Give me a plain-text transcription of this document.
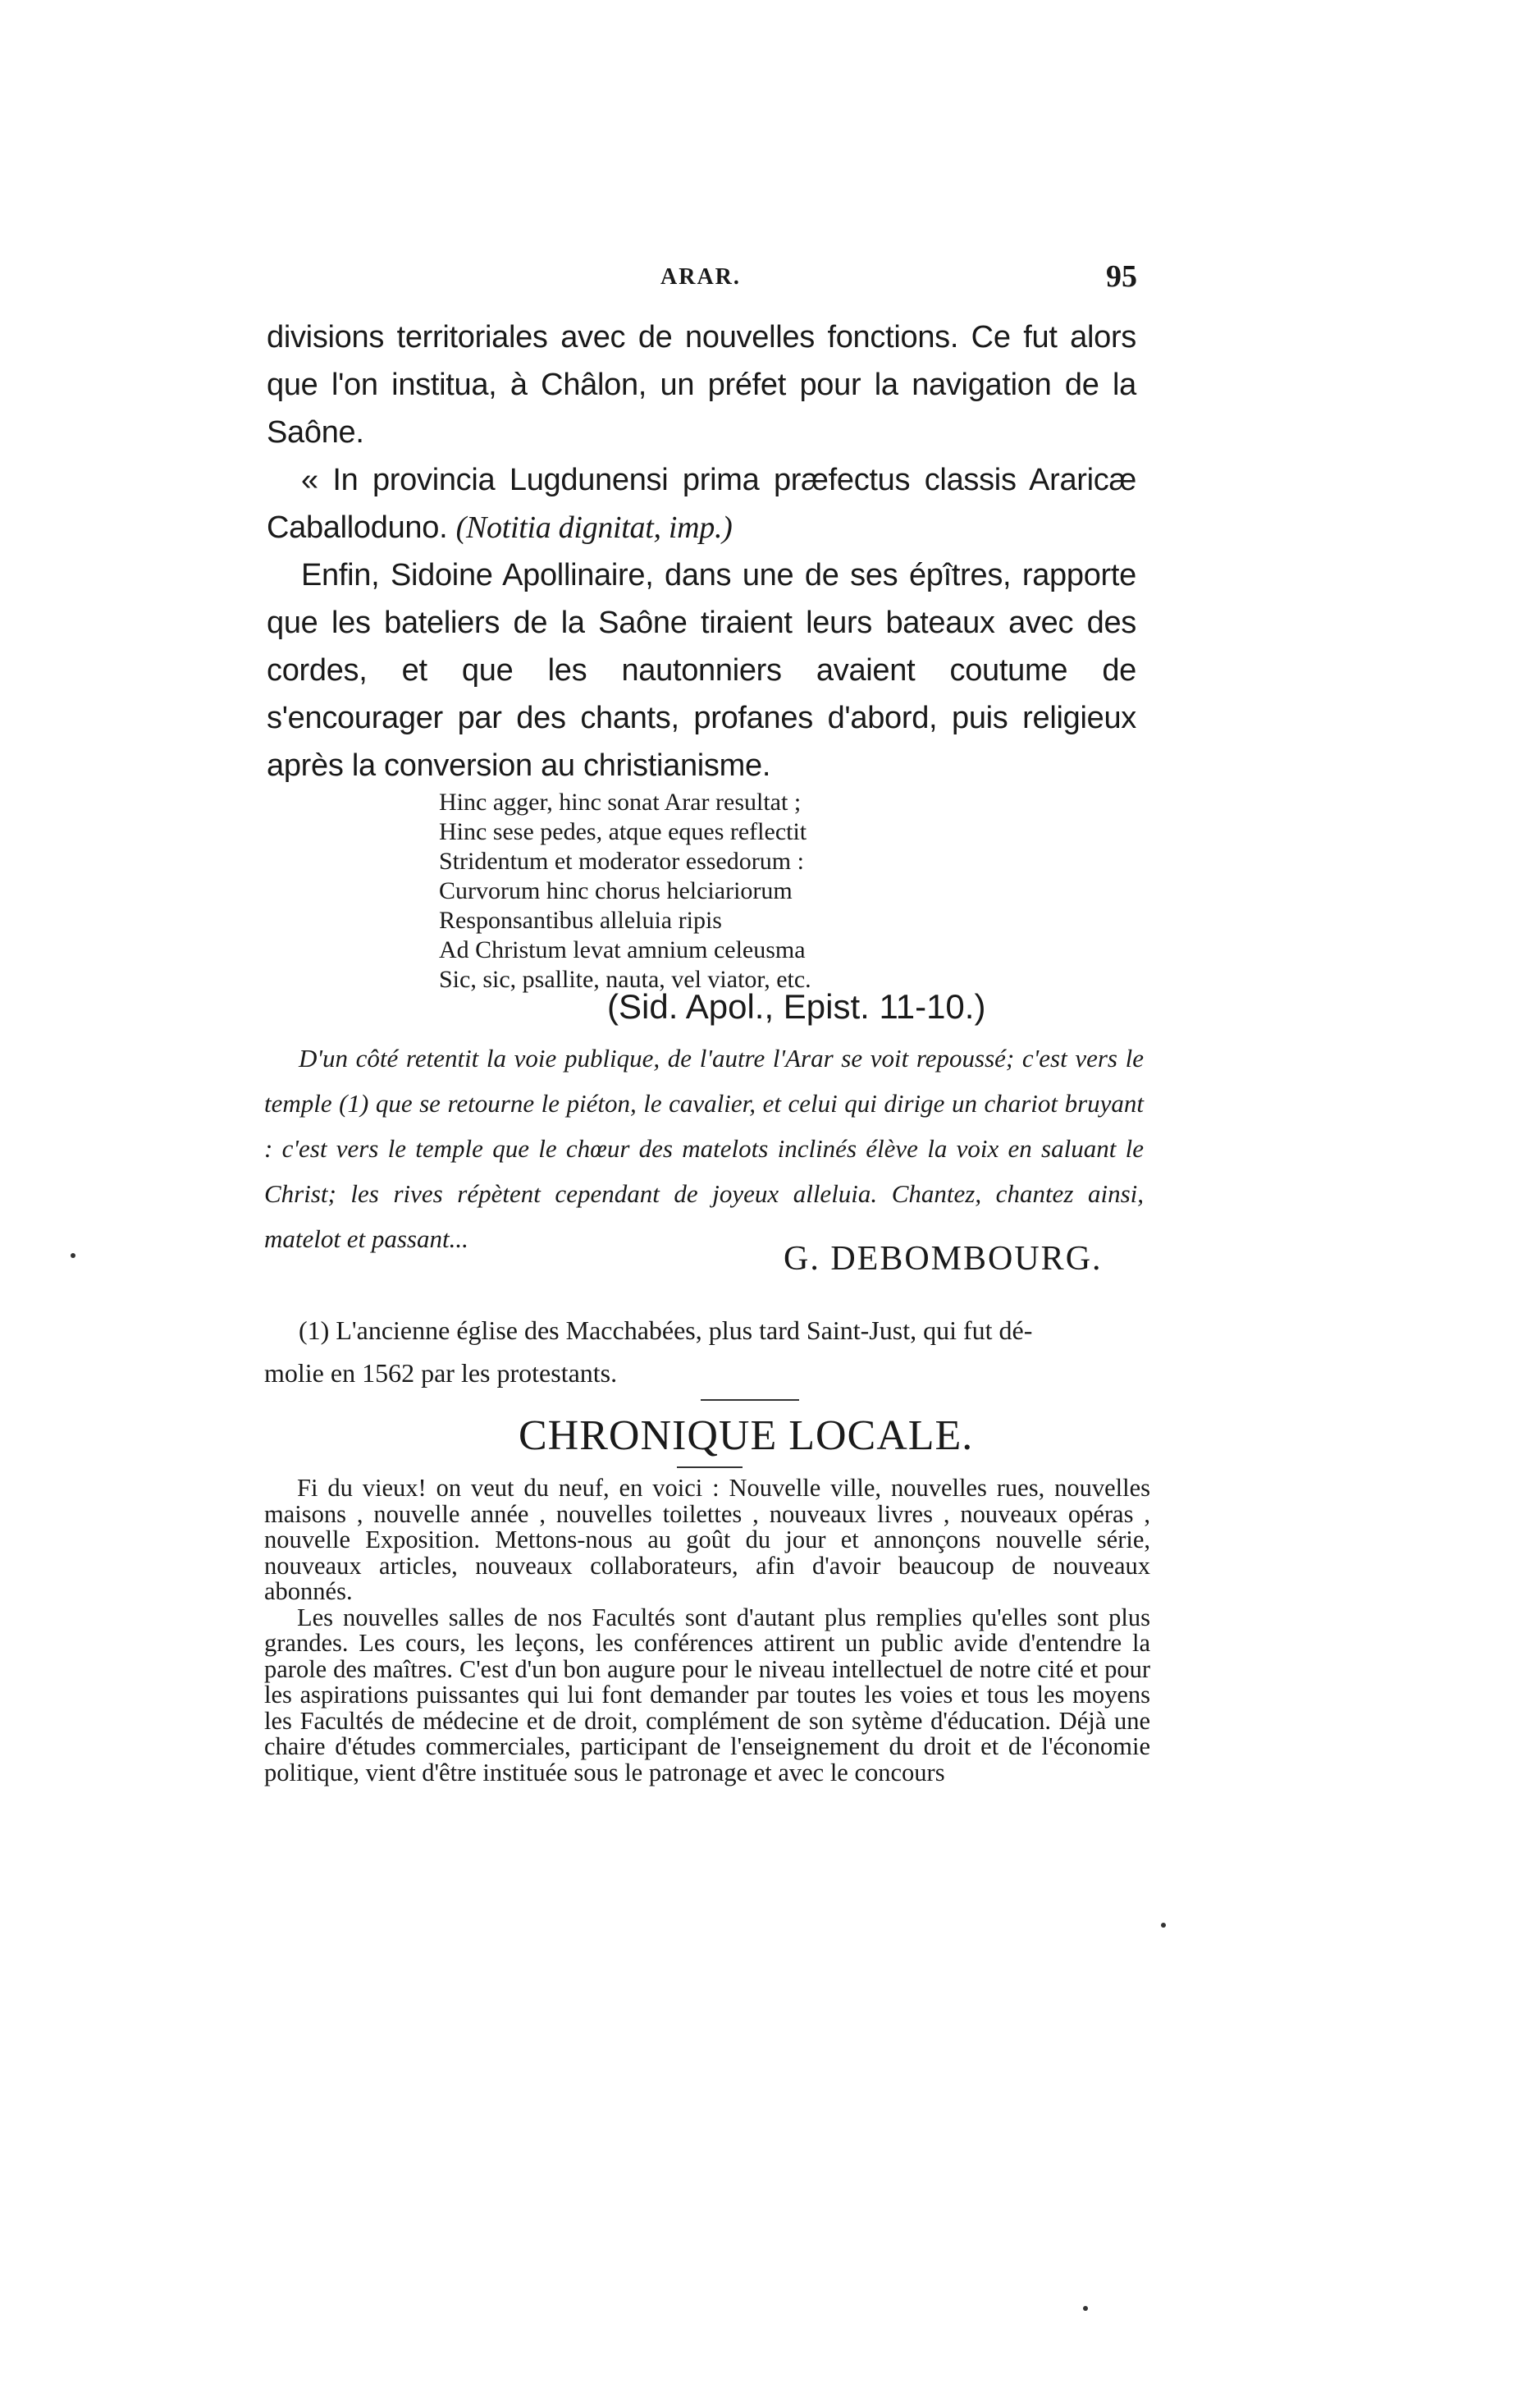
ARAR.	95

divisions territoriales avec de nouvelles fonctions. Ce fut alors que l'on institua, à Châlon, un préfet pour la navigation de la Saône.

« In provincia Lugdunensi prima præfectus classis Araricæ Caballoduno. (Notitia dignitat, imp.)

Enfin, Sidoine Apollinaire, dans une de ses épîtres, rapporte que les bateliers de la Saône tiraient leurs bateaux avec des cordes, et que les nautonniers avaient coutume de s'encourager par des chants, profanes d'abord, puis religieux après la conversion au christianisme.

Hinc agger, hinc sonat Arar resultat ;
Hinc sese pedes, atque eques reflectit
Stridentum et moderator essedorum :
Curvorum hinc chorus helciariorum
Responsantibus alleluia ripis
Ad Christum levat amnium celeusma
Sic, sic, psallite, nauta, vel viator, etc.
(Sid. Apol., Epist. 11-10.)

D'un côté retentit la voie publique, de l'autre l'Arar se voit repoussé; c'est vers le temple (1) que se retourne le piéton, le cavalier, et celui qui dirige un chariot bruyant : c'est vers le temple que le chœur des matelots inclinés élève la voix en saluant le Christ; les rives répètent cependant de joyeux alleluia. Chantez, chantez ainsi, matelot et passant...

G. DEBOMBOURG.

(1) L'ancienne église des Macchabées, plus tard Saint-Just, qui fut dé-

molie en 1562 par les protestants.

CHRONIQUE LOCALE.

Fi du vieux! on veut du neuf, en voici : Nouvelle ville, nouvelles rues, nouvelles maisons , nouvelle année , nouvelles toilettes , nouveaux livres , nouveaux opéras , nouvelle Exposition. Mettons-nous au goût du jour et annonçons nouvelle série, nouveaux articles, nouveaux collaborateurs, afin d'avoir beaucoup de nouveaux abonnés.

Les nouvelles salles de nos Facultés sont d'autant plus remplies qu'elles sont plus grandes. Les cours, les leçons, les conférences attirent un public avide d'entendre la parole des maîtres. C'est d'un bon augure pour le niveau intellectuel de notre cité et pour les aspirations puissantes qui lui font demander par toutes les voies et tous les moyens les Facultés de médecine et de droit, complément de son sytème d'éducation. Déjà une chaire d'études commerciales, participant de l'enseignement du droit et de l'économie politique, vient d'être instituée sous le patronage et avec le concours
